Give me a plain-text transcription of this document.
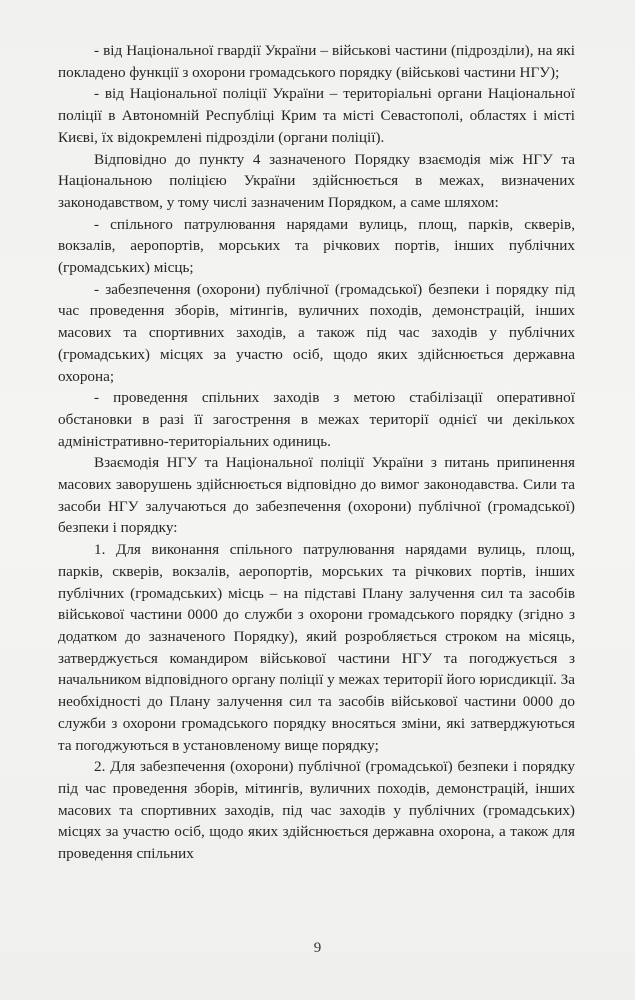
- від Національної гвардії України – військові частини (підрозділи), на які покладено функції з охорони громадського порядку (військові частини НГУ);

- від Національної поліції України – територіальні органи Національної поліції в Автономній Республіці Крим та місті Севастополі, областях і місті Києві, їх відокремлені підрозділи (органи поліції).

Відповідно до пункту 4 зазначеного Порядку взаємодія між НГУ та Національною поліцією України здійснюється в межах, визначених законодавством, у тому числі зазначеним Порядком, а саме шляхом:

- спільного патрулювання нарядами вулиць, площ, парків, скверів, вокзалів, аеропортів, морських та річкових портів, інших публічних (громадських) місць;

- забезпечення (охорони) публічної (громадської) безпеки і порядку під час проведення зборів, мітингів, вуличних походів, демонстрацій, інших масових та спортивних заходів, а також під час заходів у публічних (громадських) місцях за участю осіб, щодо яких здійснюється державна охорона;

- проведення спільних заходів з метою стабілізації оперативної обстановки в разі її загострення в межах території однієї чи декількох адміністративно-територіальних одиниць.

Взаємодія НГУ та Національної поліції України з питань припинення масових заворушень здійснюється відповідно до вимог законодавства. Сили та засоби НГУ залучаються до забезпечення (охорони) публічної (громадської) безпеки і порядку:

1. Для виконання спільного патрулювання нарядами вулиць, площ, парків, скверів, вокзалів, аеропортів, морських та річкових портів, інших публічних (громадських) місць – на підставі Плану залучення сил та засобів військової частини 0000 до служби з охорони громадського порядку (згідно з додатком до зазначеного Порядку), який розробляється строком на місяць, затверджується командиром військової частини НГУ та погоджується з начальником відповідного органу поліції у межах території його юрисдикції. За необхідності до Плану залучення сил та засобів військової частини 0000 до служби з охорони громадського порядку вносяться зміни, які затверджуються та погоджуються в установленому вище порядку;

2. Для забезпечення (охорони) публічної (громадської) безпеки і порядку під час проведення зборів, мітингів, вуличних походів, демонстрацій, інших масових та спортивних заходів, під час заходів у публічних (громадських) місцях за участю осіб, щодо яких здійснюється державна охорона, а також для проведення спільних

9
